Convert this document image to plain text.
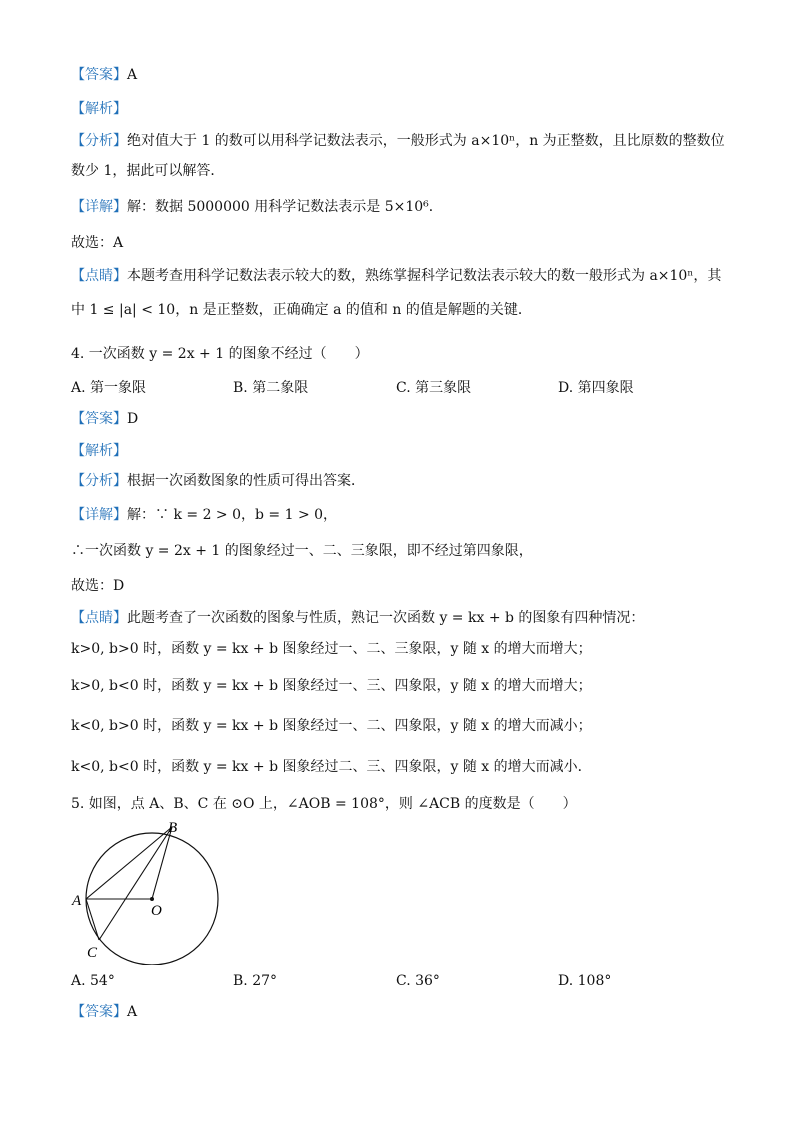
【答案】A
【解析】
【分析】绝对值大于 1 的数可以用科学记数法表示，一般形式为 a×10ⁿ，n 为正整数，且比原数的整数位
数少 1，据此可以解答．
【详解】解：数据 5000000 用科学记数法表示是 5×10⁶．
故选：A
【点睛】本题考查用科学记数法表示较大的数，熟练掌握科学记数法表示较大的数一般形式为 a×10ⁿ，其
中 1 ≤ |a| < 10，n 是正整数，正确确定 a 的值和 n 的值是解题的关键．
4. 一次函数 y = 2x + 1 的图象不经过（　　）
A. 第一象限	B. 第二象限	C. 第三象限	D. 第四象限
【答案】D
【解析】
【分析】根据一次函数图象的性质可得出答案．
【详解】解：∵ k = 2 > 0，b = 1 > 0，
∴一次函数 y = 2x + 1 的图象经过一、二、三象限，即不经过第四象限，
故选：D
【点睛】此题考查了一次函数的图象与性质，熟记一次函数 y = kx + b 的图象有四种情况：
k>0, b>0 时，函数 y = kx + b 图象经过一、二、三象限，y 随 x 的增大而增大；
k>0, b<0 时，函数 y = kx + b 图象经过一、三、四象限，y 随 x 的增大而增大；
k<0, b>0 时，函数 y = kx + b 图象经过一、二、四象限，y 随 x 的增大而减小；
k<0, b<0 时，函数 y = kx + b 图象经过二、三、四象限，y 随 x 的增大而减小．
5. 如图，点 A、B、C 在 ⊙O 上，∠AOB = 108°，则 ∠ACB 的度数是（　　）
B
A
O
C
A. 54°	B. 27°	C. 36°	D. 108°
【答案】A
